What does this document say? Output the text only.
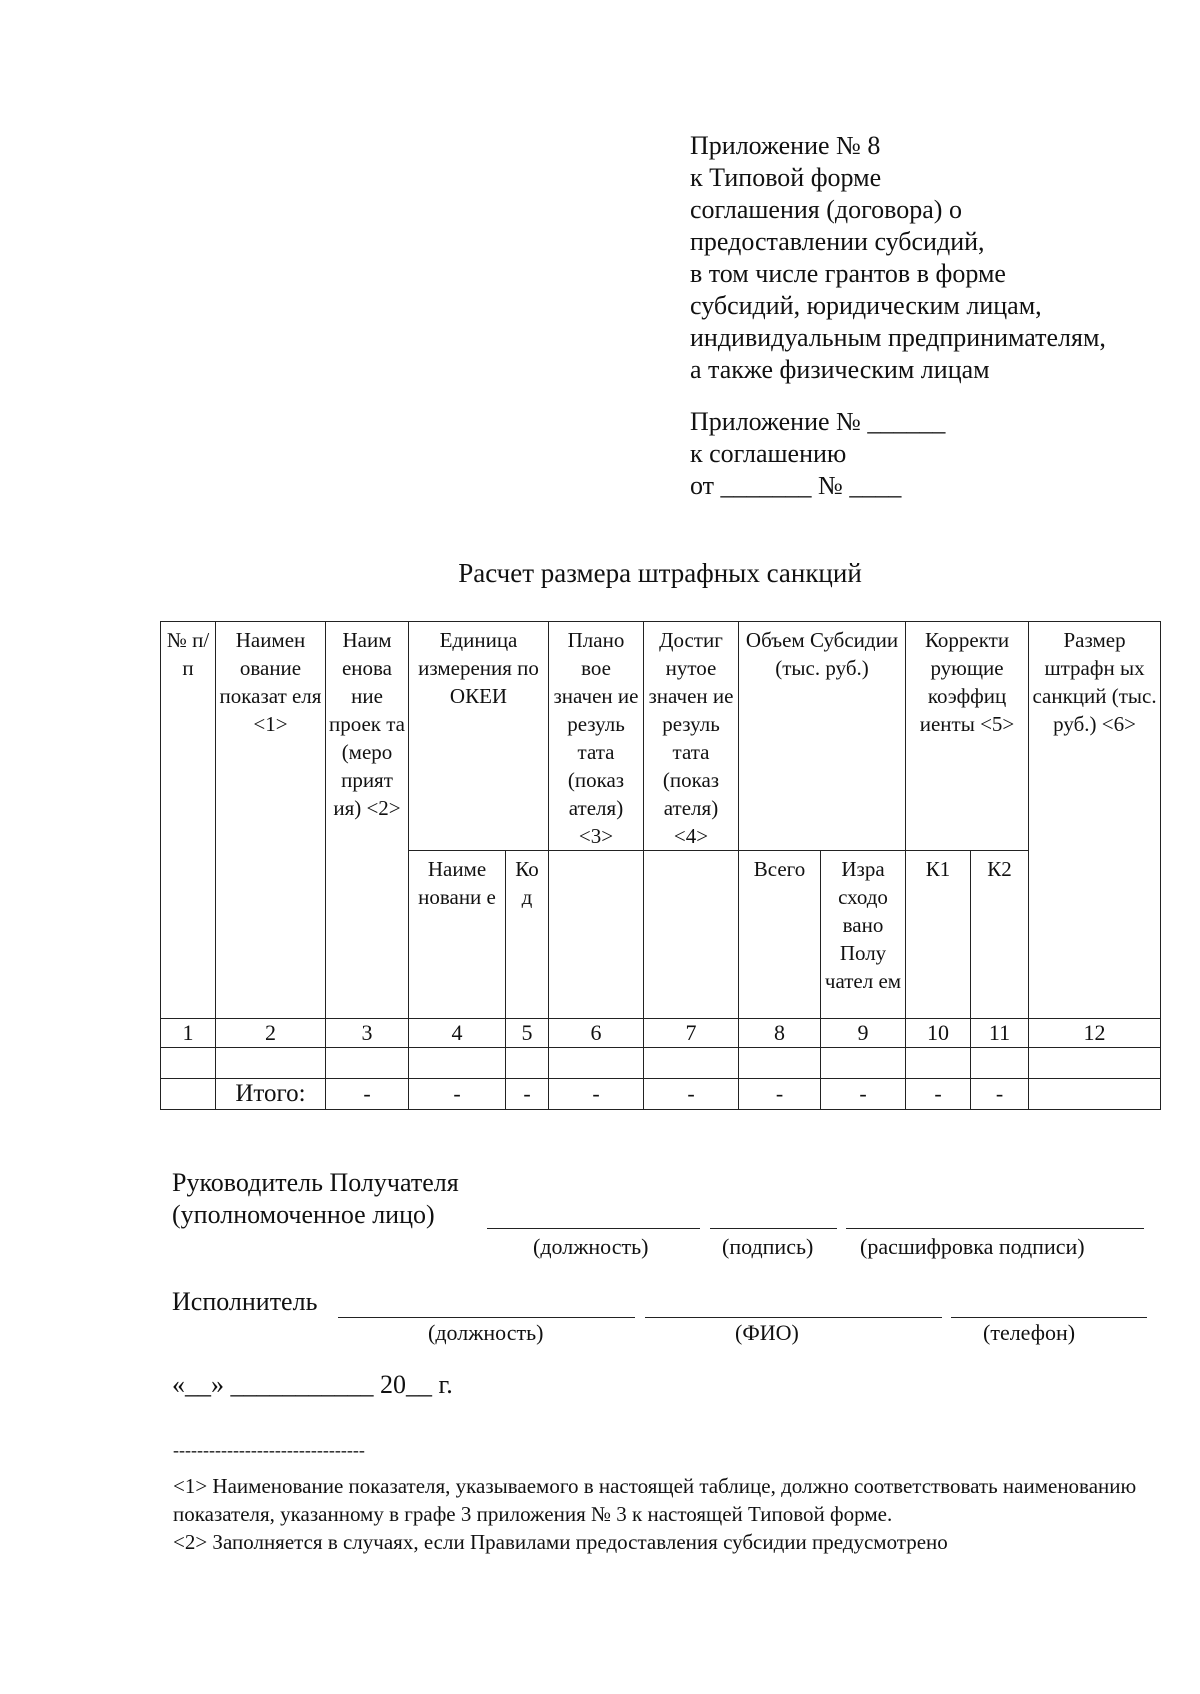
Приложение № 8
к Типовой форме
соглашения (договора) о
предоставлении субсидий,
в том числе грантов в форме
субсидий, юридическим лицам,
индивидуальным предпринимателям,
а также физическим лицам
Приложение № ______
к соглашению
от _______ № ____
Расчет размера штрафных санкций
№ п/ п	Наимен ование показат еля <1>	Наим енова ние проек та (меро прият ия) <2>	Единица измерения по ОКЕИ		Плано вое значен ие резуль тата (показ ателя) <3>	Достиг нутое значен ие резуль тата (показ ателя) <4>	Объем Субсидии (тыс. руб.)		Корректи рующие коэффиц иенты <5>		Размер штрафн ых санкций (тыс. руб.) <6>
			Наиме новани е	Ко д			Всего	Изра сходо вано Полу чател ем	К1	К2	
1	2	3	4	5	6	7	8	9	10	11	12

	Итого:	-	-	-	-	-	-	-	-	-	
Руководитель Получателя
(уполномоченное лицо)
(должность)	(подпись) (расшифровка подписи)
Исполнитель
(должность)	(ФИО)	(телефон)
«__» ___________ 20__ г.
--------------------------------
<1> Наименование показателя, указываемого в настоящей таблице, должно соответствовать наименованию показателя, указанному в графе 3 приложения № 3 к настоящей Типовой форме.
<2> Заполняется в случаях, если Правилами предоставления субсидии предусмотрено
